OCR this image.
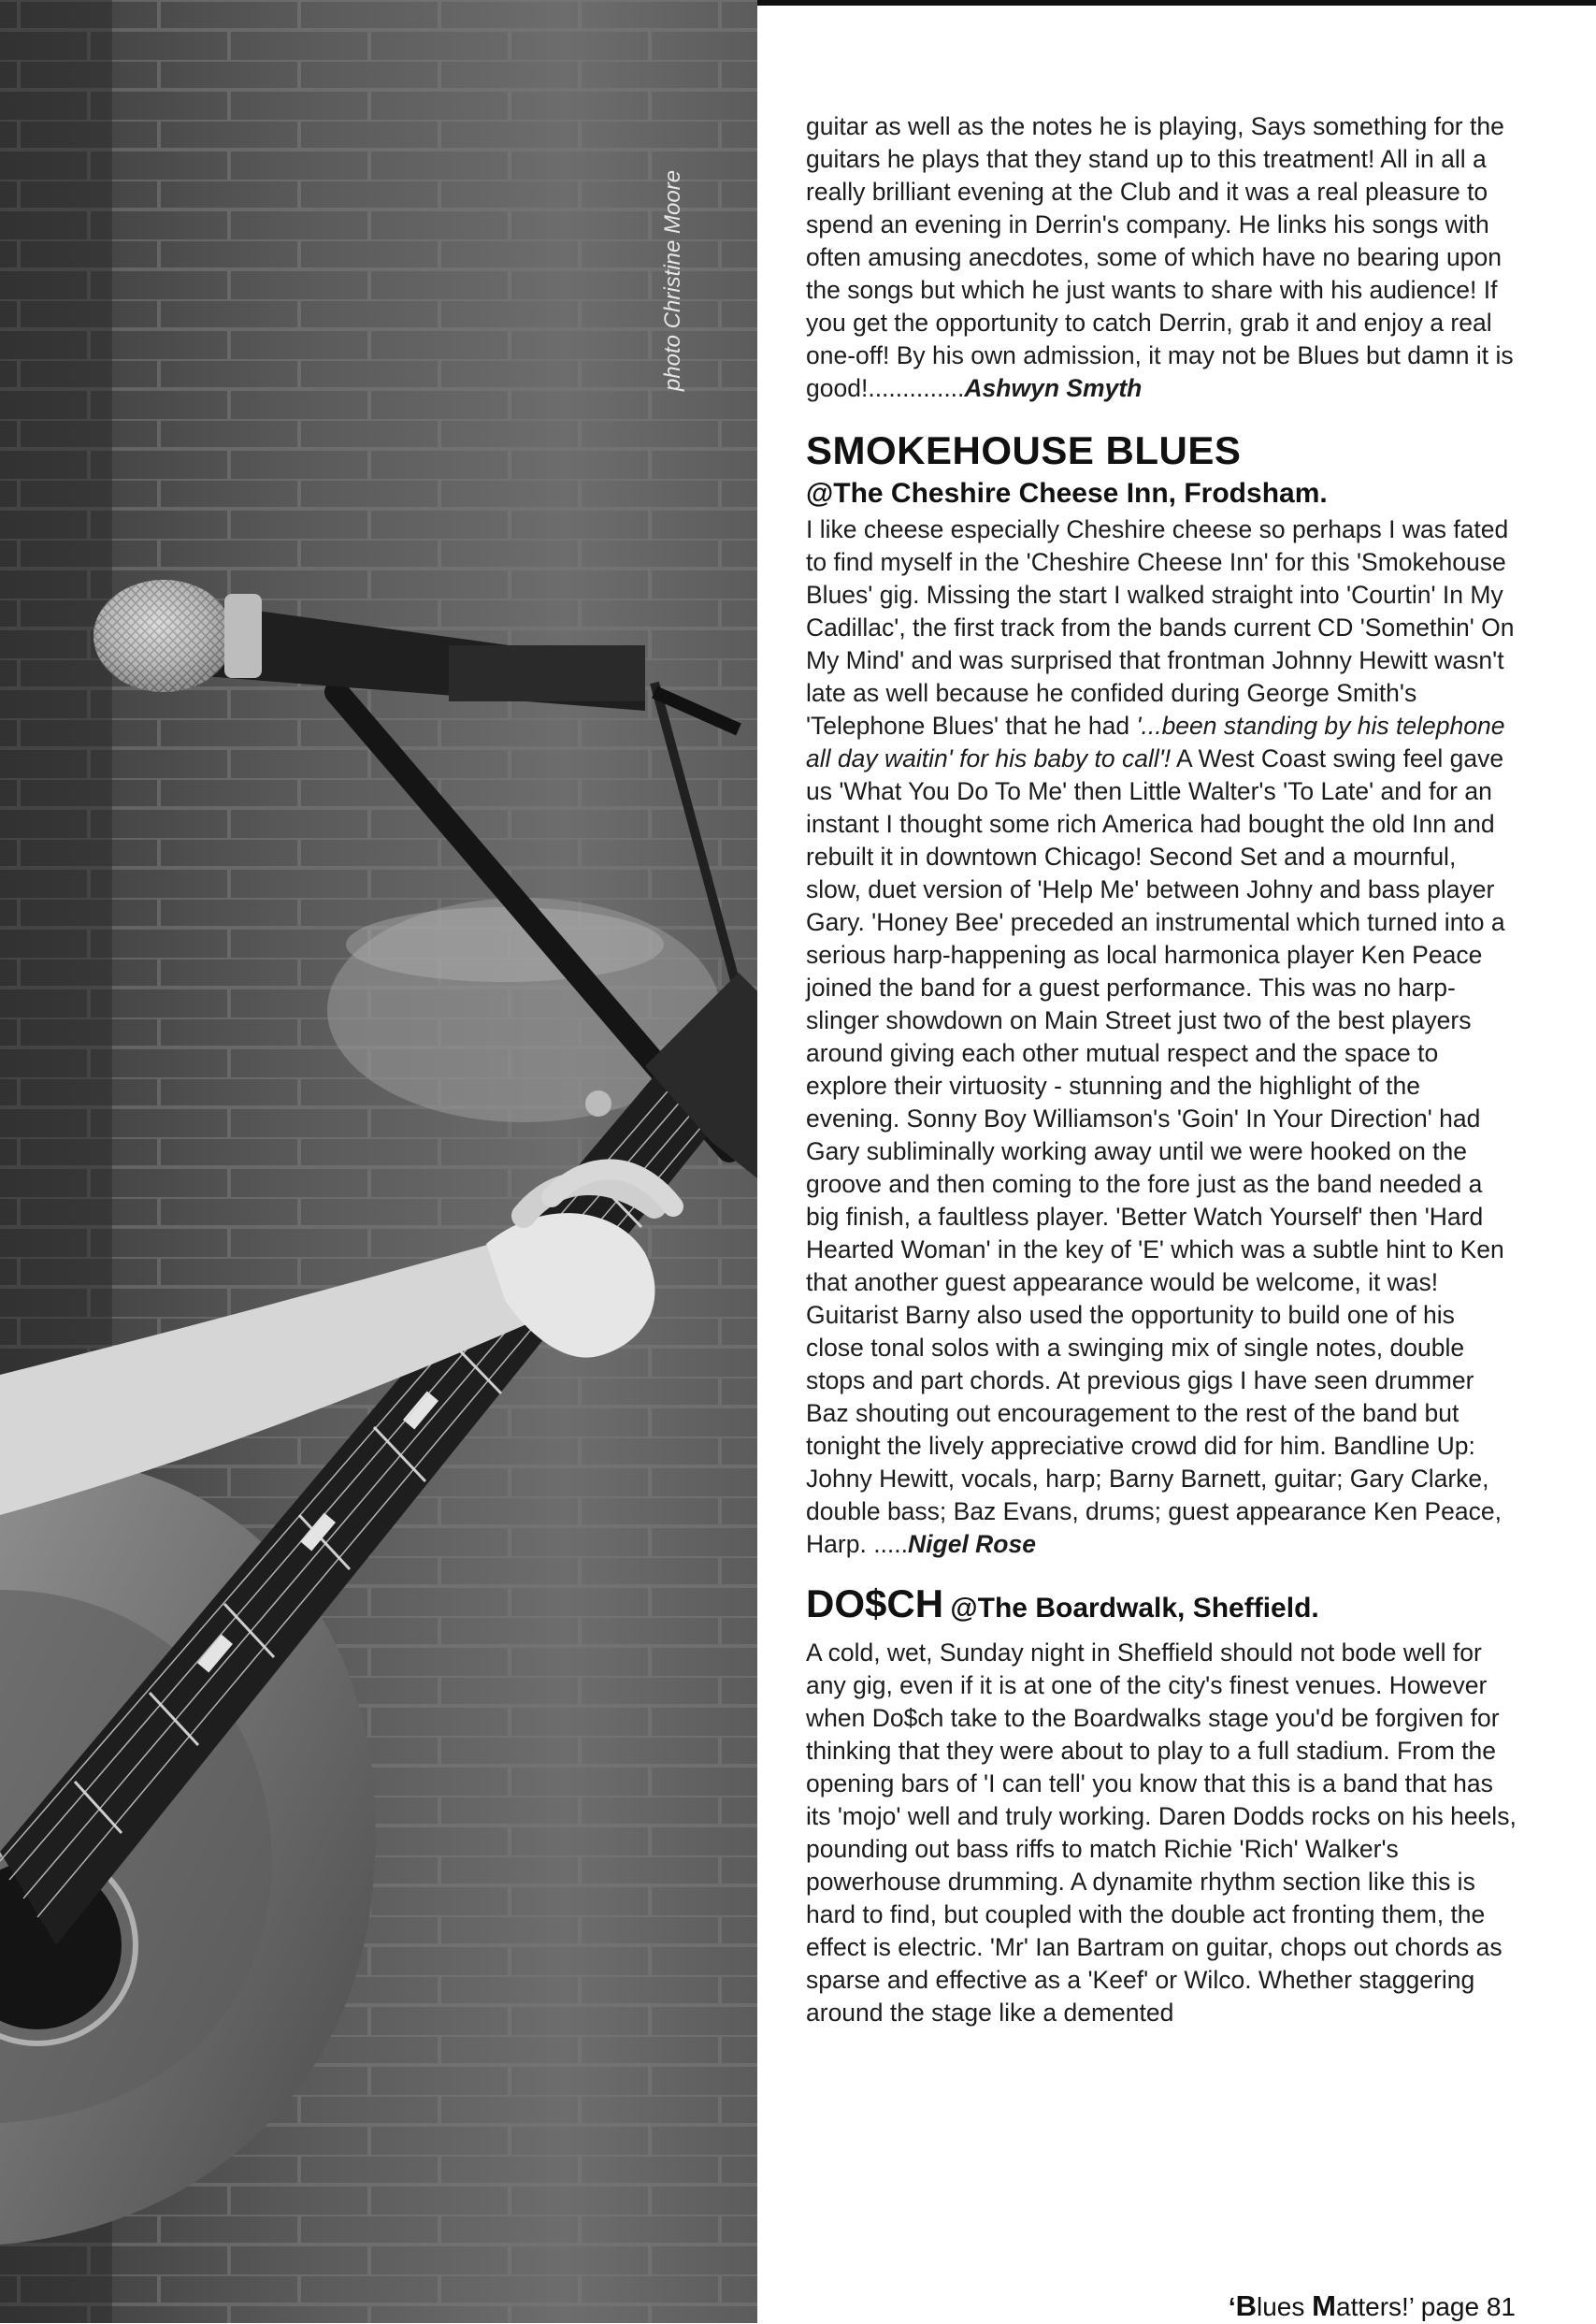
photo Christine Moore

guitar as well as the notes he is playing, Says something for the guitars he plays that they stand up to this treatment! All in all a really brilliant evening at the Club and it was a real pleasure to spend an evening in Derrin's company. He links his songs with often amusing anecdotes, some of which have no bearing upon the songs but which he just wants to share with his audience! If you get the opportunity to catch Derrin, grab it and enjoy a real one-off! By his own admission, it may not be Blues but damn it is good!..............Ashwyn Smyth

SMOKEHOUSE BLUES
@The Cheshire Cheese Inn, Frodsham.

I like cheese especially Cheshire cheese so perhaps I was fated to find myself in the 'Cheshire Cheese Inn' for this 'Smokehouse Blues' gig. Missing the start I walked straight into 'Courtin' In My Cadillac', the first track from the bands current CD 'Somethin' On My Mind' and was surprised that frontman Johnny Hewitt wasn't late as well because he confided during George Smith's 'Telephone Blues' that he had '...been standing by his telephone all day waitin' for his baby to call'! A West Coast swing feel gave us 'What You Do To Me' then Little Walter's 'To Late' and for an instant I thought some rich America had bought the old Inn and rebuilt it in downtown Chicago! Second Set and a mournful, slow, duet version of 'Help Me' between Johny and bass player Gary. 'Honey Bee' preceded an instrumental which turned into a serious harp-happening as local harmonica player Ken Peace joined the band for a guest performance. This was no harp-slinger showdown on Main Street just two of the best players around giving each other mutual respect and the space to explore their virtuosity - stunning and the highlight of the evening. Sonny Boy Williamson's 'Goin' In Your Direction' had Gary subliminally working away until we were hooked on the groove and then coming to the fore just as the band needed a big finish, a faultless player. 'Better Watch Yourself' then 'Hard Hearted Woman' in the key of 'E' which was a subtle hint to Ken that another guest appearance would be welcome, it was! Guitarist Barny also used the opportunity to build one of his close tonal solos with a swinging mix of single notes, double stops and part chords. At previous gigs I have seen drummer Baz shouting out encouragement to the rest of the band but tonight the lively appreciative crowd did for him. Bandline Up: Johny Hewitt, vocals, harp; Barny Barnett, guitar; Gary Clarke, double bass; Baz Evans, drums; guest appearance Ken Peace, Harp. .....Nigel Rose

DO$CH @The Boardwalk, Sheffield.

A cold, wet, Sunday night in Sheffield should not bode well for any gig, even if it is at one of the city's finest venues. However when Do$ch take to the Boardwalks stage you'd be forgiven for thinking that they were about to play to a full stadium. From the opening bars of 'I can tell' you know that this is a band that has its 'mojo' well and truly working. Daren Dodds rocks on his heels, pounding out bass riffs to match Richie 'Rich' Walker's powerhouse drumming. A dynamite rhythm section like this is hard to find, but coupled with the double act fronting them, the effect is electric. 'Mr' Ian Bartram on guitar, chops out chords as sparse and effective as a 'Keef' or Wilco. Whether staggering around the stage like a demented

‘Blues Matters!’ page 81
